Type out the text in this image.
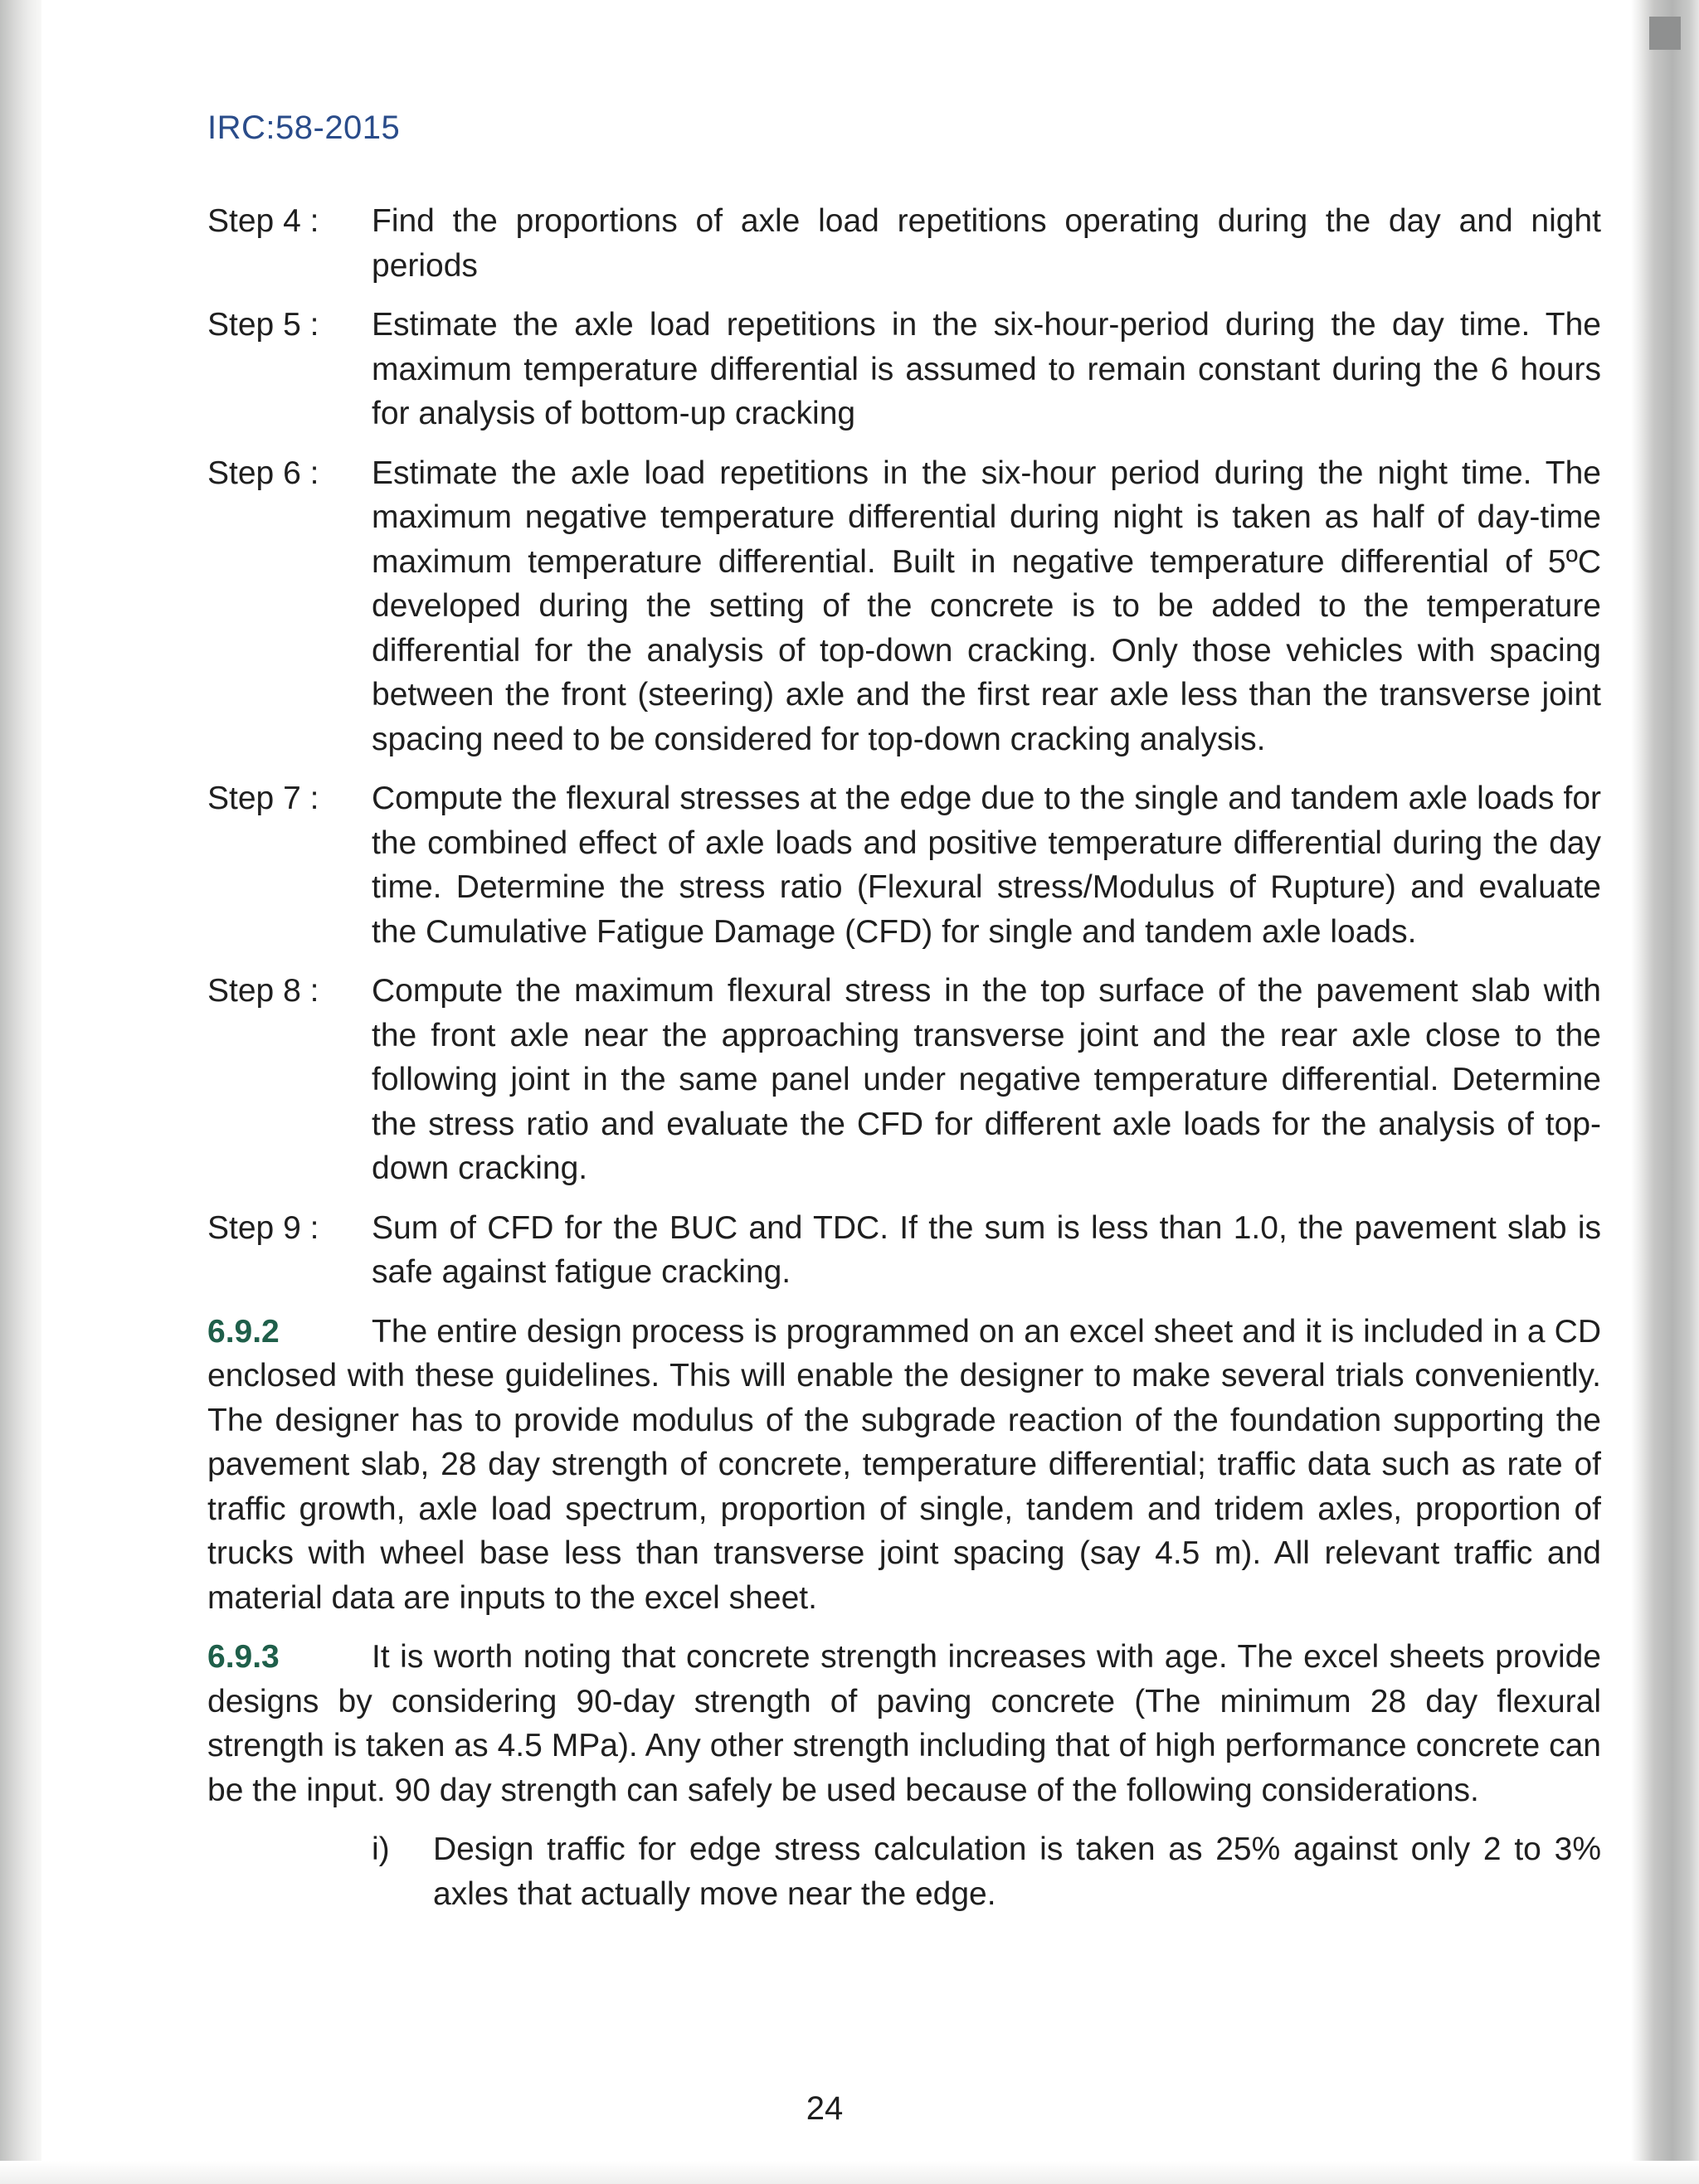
IRC:58-2015
Step 4 :	Find the proportions of axle load repetitions operating during the day and night periods
Step 5 :	Estimate the axle load repetitions in the six-hour-period during the day time. The maximum temperature differential is assumed to remain constant during the 6 hours for analysis of bottom-up cracking
Step 6 :	Estimate the axle load repetitions in the six-hour period during the night time. The maximum negative temperature differential during night is taken as half of day-time maximum temperature differential. Built in negative temperature differential of 5ºC developed during the setting of the concrete is to be added to the temperature differential for the analysis of top-down cracking. Only those vehicles with spacing between the front (steering) axle and the first rear axle less than the transverse joint spacing need to be considered for top-down cracking analysis.
Step 7 :	Compute the flexural stresses at the edge due to the single and tandem axle loads for the combined effect of axle loads and positive temperature differential during the day time. Determine the stress ratio (Flexural stress/Modulus of Rupture) and evaluate the Cumulative Fatigue Damage (CFD) for single and tandem axle loads.
Step 8 :	Compute the maximum flexural stress in the top surface of the pavement slab with the front axle near the approaching transverse joint and the rear axle close to the following joint in the same panel under negative temperature differential. Determine the stress ratio and evaluate the CFD for different axle loads for the analysis of top-down cracking.
Step 9 :	Sum of CFD for the BUC and TDC. If the sum is less than 1.0, the pavement slab is safe against fatigue cracking.
6.9.2	The entire design process is programmed on an excel sheet and it is included in a CD enclosed with these guidelines. This will enable the designer to make several trials conveniently. The designer has to provide modulus of the subgrade reaction of the foundation supporting the pavement slab, 28 day strength of concrete, temperature differential; traffic data such as rate of traffic growth, axle load spectrum, proportion of single, tandem and tridem axles, proportion of trucks with wheel base less than transverse joint spacing (say 4.5 m). All relevant traffic and material data are inputs to the excel sheet.
6.9.3	It is worth noting that concrete strength increases with age. The excel sheets provide designs by considering 90-day strength of paving concrete (The minimum 28 day flexural strength is taken as 4.5 MPa). Any other strength including that of high performance concrete can be the input. 90 day strength can safely be used because of the following considerations.
i)	Design traffic for edge stress calculation is taken as 25% against only 2 to 3% axles that actually move near the edge.
24
